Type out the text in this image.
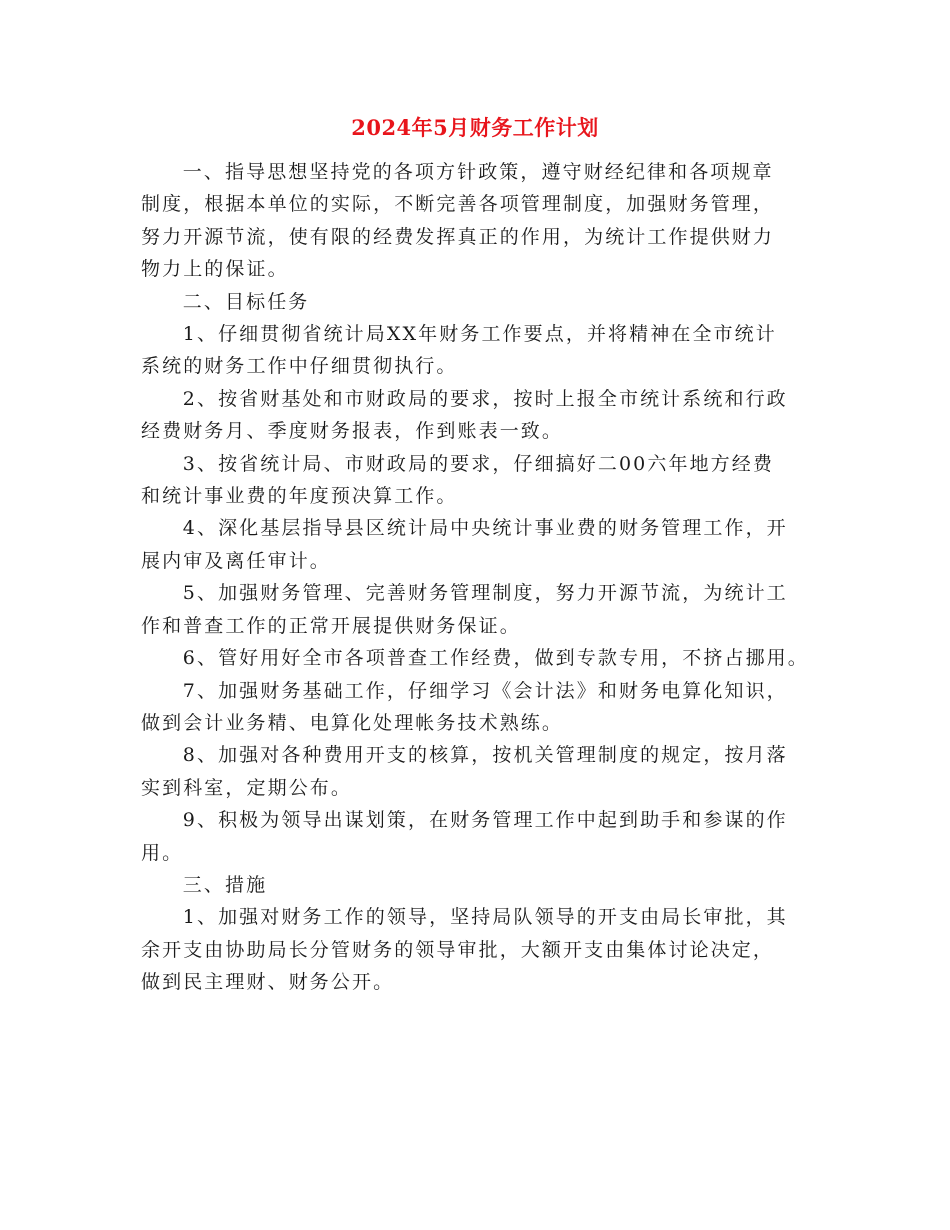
2024年5月财务工作计划

一、指导思想坚持党的各项方针政策，遵守财经纪律和各项规章
制度，根据本单位的实际，不断完善各项管理制度，加强财务管理，
努力开源节流，使有限的经费发挥真正的作用，为统计工作提供财力
物力上的保证。

二、目标任务

1、仔细贯彻省统计局XX年财务工作要点，并将精神在全市统计
系统的财务工作中仔细贯彻执行。

2、按省财基处和市财政局的要求，按时上报全市统计系统和行政
经费财务月、季度财务报表，作到账表一致。

3、按省统计局、市财政局的要求，仔细搞好二00六年地方经费
和统计事业费的年度预决算工作。

4、深化基层指导县区统计局中央统计事业费的财务管理工作，开
展内审及离任审计。

5、加强财务管理、完善财务管理制度，努力开源节流，为统计工
作和普查工作的正常开展提供财务保证。

6、管好用好全市各项普查工作经费，做到专款专用，不挤占挪用。

7、加强财务基础工作，仔细学习《会计法》和财务电算化知识，
做到会计业务精、电算化处理帐务技术熟练。

8、加强对各种费用开支的核算，按机关管理制度的规定，按月落
实到科室，定期公布。

9、积极为领导出谋划策，在财务管理工作中起到助手和参谋的作
用。

三、措施

1、加强对财务工作的领导，坚持局队领导的开支由局长审批，其
余开支由协助局长分管财务的领导审批，大额开支由集体讨论决定，
做到民主理财、财务公开。
